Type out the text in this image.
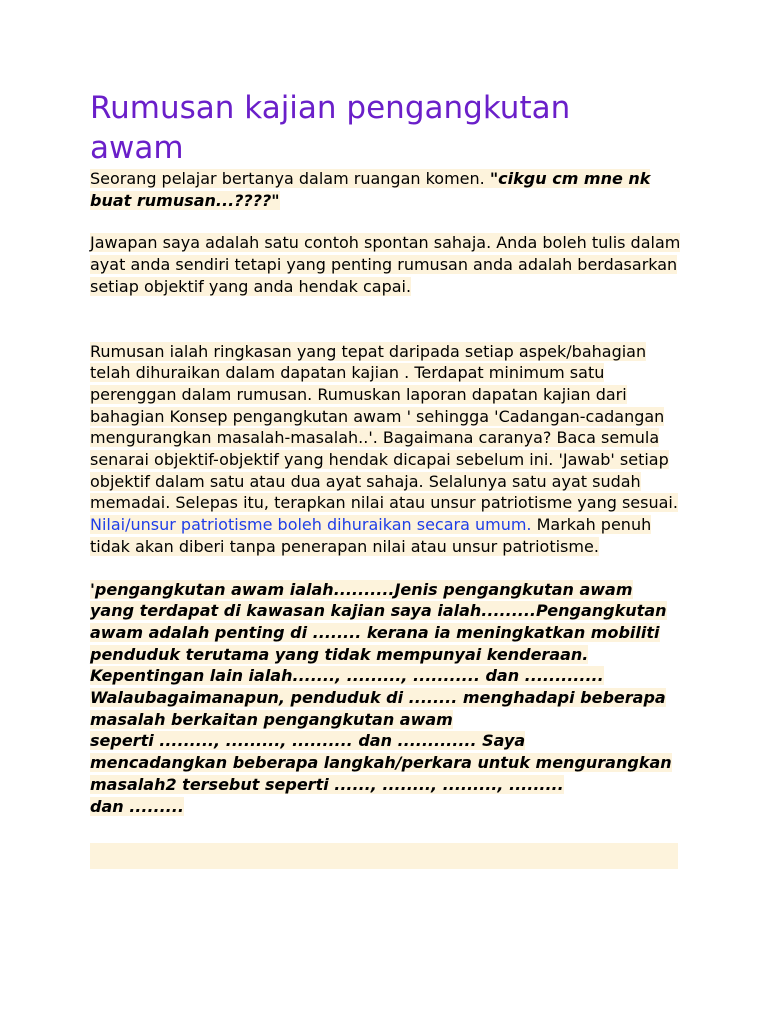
Rumusan kajian pengangkutan
awam

Seorang pelajar bertanya dalam ruangan komen. "cikgu cm mne nk buat rumusan...????"

Jawapan saya adalah satu contoh spontan sahaja. Anda boleh tulis dalam ayat anda sendiri tetapi yang penting rumusan anda adalah berdasarkan setiap objektif yang anda hendak capai.

Rumusan ialah ringkasan yang tepat daripada setiap aspek/bahagian telah dihuraikan dalam dapatan kajian . Terdapat minimum satu perenggan dalam rumusan. Rumuskan laporan dapatan kajian dari bahagian Konsep pengangkutan awam ' sehingga 'Cadangan-cadangan mengurangkan masalah-masalah..'. Bagaimana caranya? Baca semula senarai objektif-objektif yang hendak dicapai sebelum ini. 'Jawab' setiap objektif dalam satu atau dua ayat sahaja. Selalunya satu ayat sudah memadai. Selepas itu, terapkan nilai atau unsur patriotisme yang sesuai. Nilai/unsur patriotisme boleh dihuraikan secara umum. Markah penuh tidak akan diberi tanpa penerapan nilai atau unsur patriotisme.

'pengangkutan awam ialah..........Jenis pengangkutan awam
yang terdapat di kawasan kajian saya ialah.........Pengangkutan
awam adalah penting di ........ kerana ia meningkatkan mobiliti
penduduk terutama yang tidak mempunyai kenderaan.
Kepentingan lain ialah......., ........., ........... dan .............
Walaubagaimanapun, penduduk di ........ menghadapi beberapa
masalah berkaitan pengangkutan awam
seperti ........., ........., .......... dan ............. Saya
mencadangkan beberapa langkah/perkara untuk mengurangkan
masalah2 tersebut seperti ......, ........, ........., .........
dan .........
